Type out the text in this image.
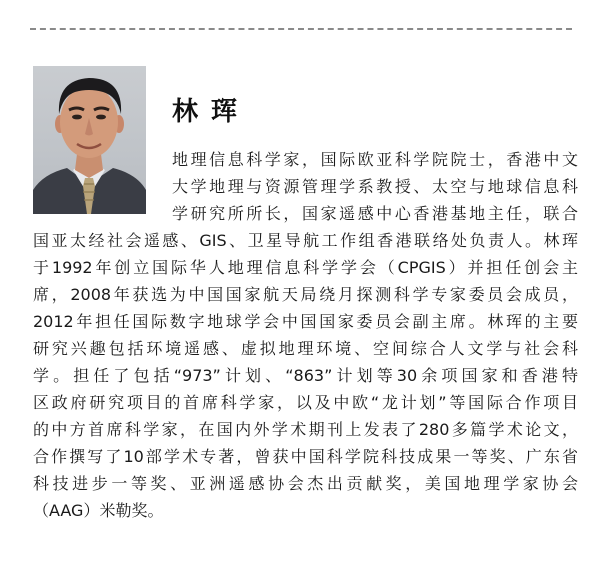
林 珲
地理信息科学家，国际欧亚科学院院士，香港中文
大学地理与资源管理学系教授、太空与地球信息科
学研究所所长，国家遥感中心香港基地主任，联合
国亚太经社会遥感、GIS、卫星导航工作组香港联络处负责人。林珲
于1992年创立国际华人地理信息科学学会（CPGIS）并担任创会主
席，2008年获选为中国国家航天局绕月探测科学专家委员会成员，
2012年担任国际数字地球学会中国国家委员会副主席。林珲的主要
研究兴趣包括环境遥感、虚拟地理环境、空间综合人文学与社会科
学。担任了包括“973”计划、“863”计划等30余项国家和香港特
区政府研究项目的首席科学家，以及中欧“龙计划”等国际合作项目
的中方首席科学家，在国内外学术期刊上发表了280多篇学术论文，
合作撰写了10部学术专著，曾获中国科学院科技成果一等奖、广东省
科技进步一等奖、亚洲遥感协会杰出贡献奖，美国地理学家协会
（AAG）米勒奖。
